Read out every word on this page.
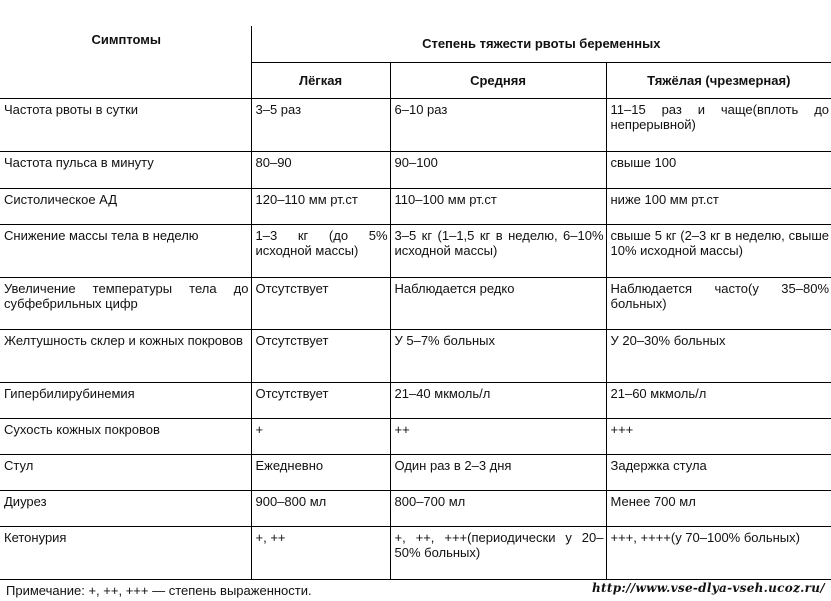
Симптомы	Степень тяжести рвоты беременных		
	Лёгкая	Средняя	Тяжёлая (чрезмерная)
Частота рвоты в сутки	3–5 раз	6–10 раз	11–15 раз и чаще(вплоть до непрерывной)
Частота пульса в минуту	80–90	90–100	свыше 100
Систолическое АД	120–110 мм рт.ст	110–100 мм рт.ст	ниже 100 мм рт.ст
Снижение массы тела в неделю	1–3 кг (до 5% исходной массы)	3–5 кг (1–1,5 кг в неделю, 6–10% исходной массы)	свыше 5 кг (2–3 кг в неделю, свыше 10% исходной массы)
Увеличение температуры тела до субфебрильных цифр	Отсутствует	Наблюдается редко	Наблюдается часто(у 35–80% больных)
Желтушность склер и кожных покровов	Отсутствует	У 5–7% больных	У 20–30% больных
Гипербилирубинемия	Отсутствует	21–40 мкмоль/л	21–60 мкмоль/л
Сухость кожных покровов	+	++	+++
Стул	Ежедневно	Один раз в 2–3 дня	Задержка стула
Диурез	900–800 мл	800–700 мл	Менее 700 мл
Кетонурия	+, ++	+, ++, +++(периодически у 20–50% больных)	+++, ++++(у 70–100% больных)

Примечание: +, ++, +++ — степень выраженности.	http://www.vse-dlya-vseh.ucoz.ru/
